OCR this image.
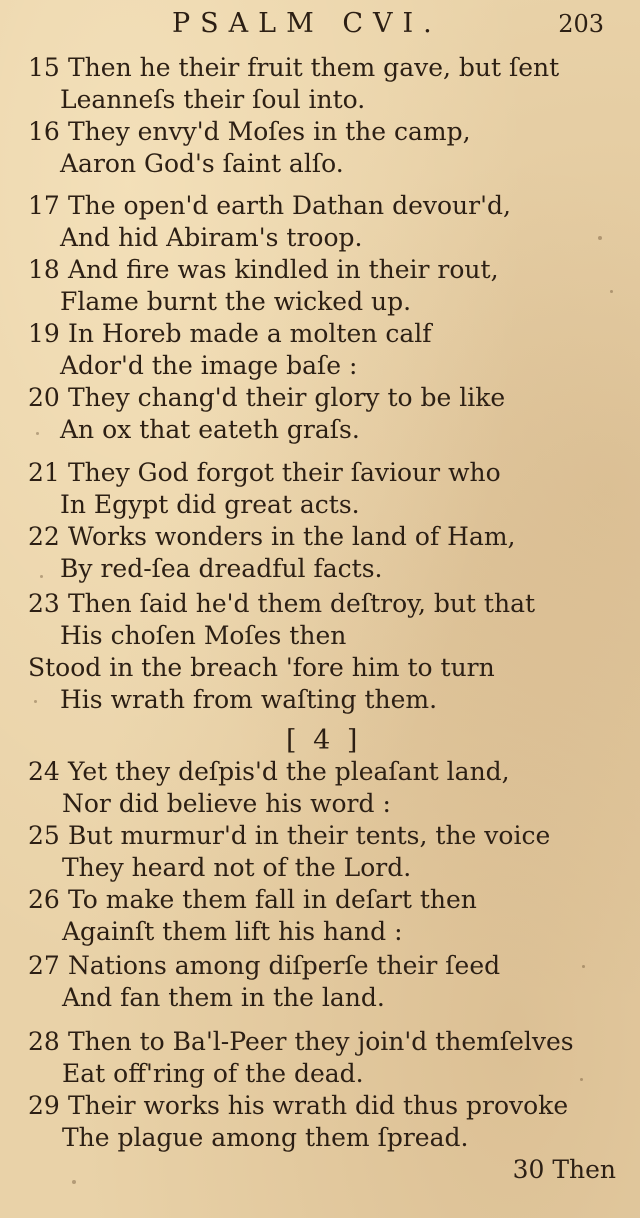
PSALM CVI.	203
15 Then he their fruit them gave, but ſent
Leanneſs their ſoul into.
16 They envy'd Moſes in the camp,
Aaron God's ſaint alſo.
17 The open'd earth Dathan devour'd,
And hid Abiram's troop.
18 And fire was kindled in their rout,
Flame burnt the wicked up.
19 In Horeb made a molten calf
Ador'd the image baſe :
20 They chang'd their glory to be like
An ox that eateth graſs.
21 They God forgot their ſaviour who
In Egypt did great acts.
22 Works wonders in the land of Ham,
By red-ſea dreadful facts.
23 Then ſaid he'd them deſtroy, but that
His choſen Moſes then
Stood in the breach 'fore him to turn
His wrath from waſting them.
24 Yet they deſpis'd the pleaſant land,
Nor did believe his word :
25 But murmur'd in their tents, the voice
They heard not of the Lord.
26 To make them fall in deſart then
Againſt them lift his hand :
27 Nations among diſperſe their ſeed
And fan them in the land.
28 Then to Ba'l-Peer they join'd themſelves
Eat off'ring of the dead.
29 Their works his wrath did thus provoke
The plague among them ſpread.
[ 4 ]
30 Then
